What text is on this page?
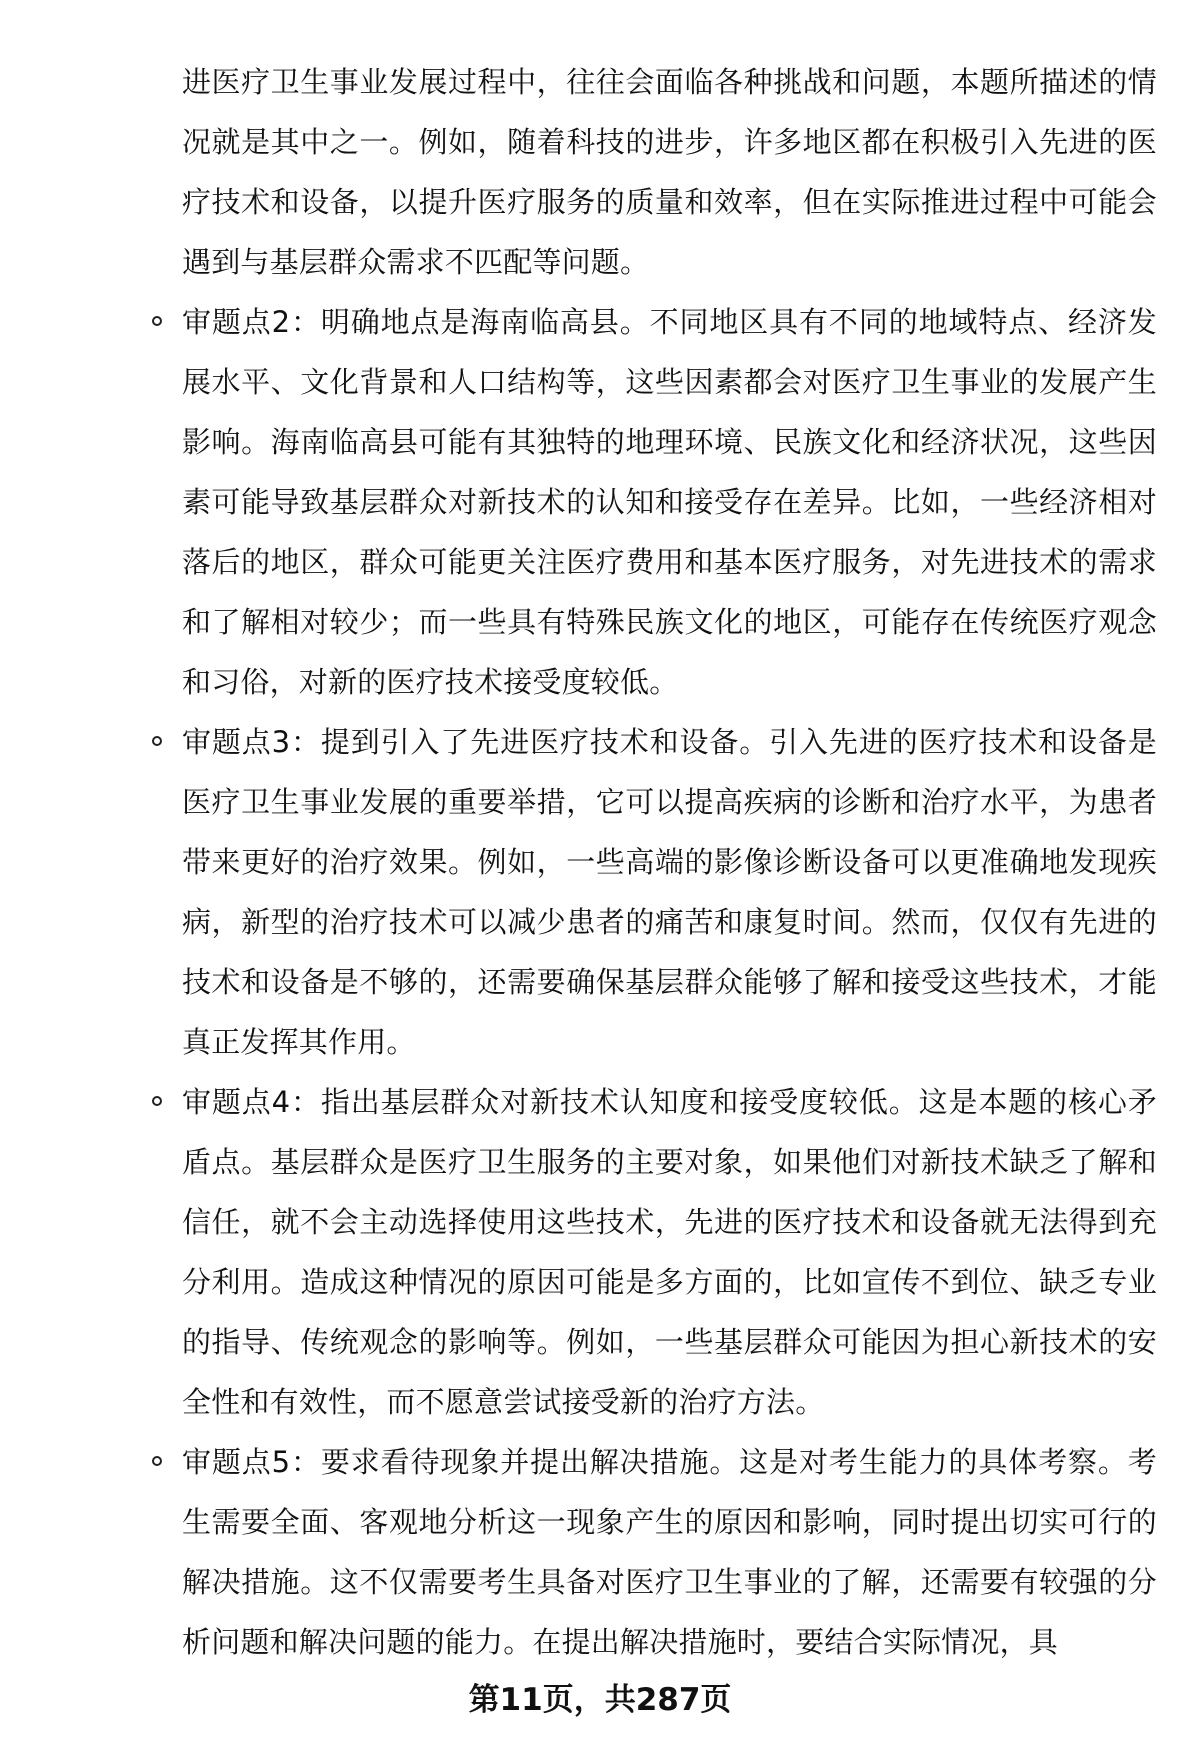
进医疗卫生事业发展过程中，往往会面临各种挑战和问题，本题所描述的情况就是其中之一。例如，随着科技的进步，许多地区都在积极引入先进的医疗技术和设备，以提升医疗服务的质量和效率，但在实际推进过程中可能会遇到与基层群众需求不匹配等问题。

审题点2：明确地点是海南临高县。不同地区具有不同的地域特点、经济发展水平、文化背景和人口结构等，这些因素都会对医疗卫生事业的发展产生影响。海南临高县可能有其独特的地理环境、民族文化和经济状况，这些因素可能导致基层群众对新技术的认知和接受存在差异。比如，一些经济相对落后的地区，群众可能更关注医疗费用和基本医疗服务，对先进技术的需求和了解相对较少；而一些具有特殊民族文化的地区，可能存在传统医疗观念和习俗，对新的医疗技术接受度较低。

审题点3：提到引入了先进医疗技术和设备。引入先进的医疗技术和设备是医疗卫生事业发展的重要举措，它可以提高疾病的诊断和治疗水平，为患者带来更好的治疗效果。例如，一些高端的影像诊断设备可以更准确地发现疾病，新型的治疗技术可以减少患者的痛苦和康复时间。然而，仅仅有先进的技术和设备是不够的，还需要确保基层群众能够了解和接受这些技术，才能真正发挥其作用。

审题点4：指出基层群众对新技术认知度和接受度较低。这是本题的核心矛盾点。基层群众是医疗卫生服务的主要对象，如果他们对新技术缺乏了解和信任，就不会主动选择使用这些技术，先进的医疗技术和设备就无法得到充分利用。造成这种情况的原因可能是多方面的，比如宣传不到位、缺乏专业的指导、传统观念的影响等。例如，一些基层群众可能因为担心新技术的安全性和有效性，而不愿意尝试接受新的治疗方法。

审题点5：要求看待现象并提出解决措施。这是对考生能力的具体考察。考生需要全面、客观地分析这一现象产生的原因和影响，同时提出切实可行的解决措施。这不仅需要考生具备对医疗卫生事业的了解，还需要有较强的分析问题和解决问题的能力。在提出解决措施时，要结合实际情况，具

第11页，共287页
